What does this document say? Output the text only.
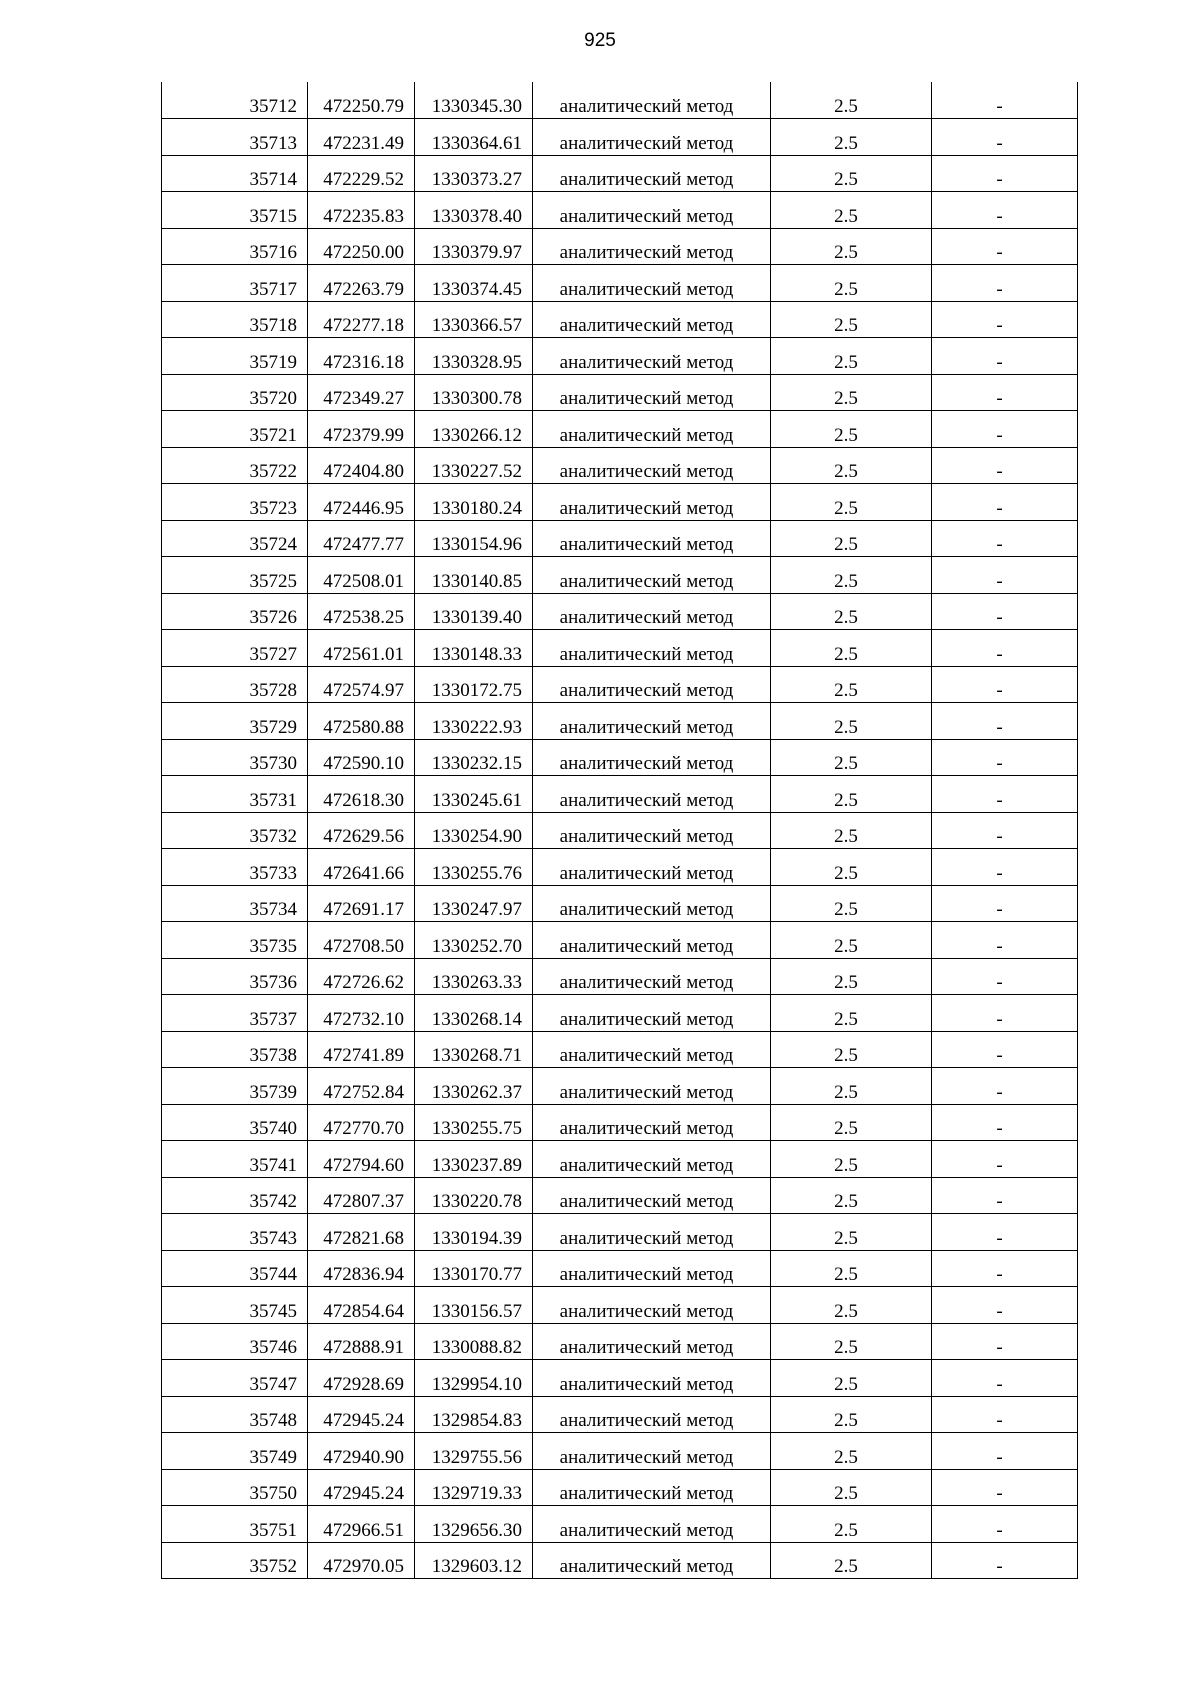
925
35712	472250.79	1330345.30	аналитический метод	2.5	-
35713	472231.49	1330364.61	аналитический метод	2.5	-
35714	472229.52	1330373.27	аналитический метод	2.5	-
35715	472235.83	1330378.40	аналитический метод	2.5	-
35716	472250.00	1330379.97	аналитический метод	2.5	-
35717	472263.79	1330374.45	аналитический метод	2.5	-
35718	472277.18	1330366.57	аналитический метод	2.5	-
35719	472316.18	1330328.95	аналитический метод	2.5	-
35720	472349.27	1330300.78	аналитический метод	2.5	-
35721	472379.99	1330266.12	аналитический метод	2.5	-
35722	472404.80	1330227.52	аналитический метод	2.5	-
35723	472446.95	1330180.24	аналитический метод	2.5	-
35724	472477.77	1330154.96	аналитический метод	2.5	-
35725	472508.01	1330140.85	аналитический метод	2.5	-
35726	472538.25	1330139.40	аналитический метод	2.5	-
35727	472561.01	1330148.33	аналитический метод	2.5	-
35728	472574.97	1330172.75	аналитический метод	2.5	-
35729	472580.88	1330222.93	аналитический метод	2.5	-
35730	472590.10	1330232.15	аналитический метод	2.5	-
35731	472618.30	1330245.61	аналитический метод	2.5	-
35732	472629.56	1330254.90	аналитический метод	2.5	-
35733	472641.66	1330255.76	аналитический метод	2.5	-
35734	472691.17	1330247.97	аналитический метод	2.5	-
35735	472708.50	1330252.70	аналитический метод	2.5	-
35736	472726.62	1330263.33	аналитический метод	2.5	-
35737	472732.10	1330268.14	аналитический метод	2.5	-
35738	472741.89	1330268.71	аналитический метод	2.5	-
35739	472752.84	1330262.37	аналитический метод	2.5	-
35740	472770.70	1330255.75	аналитический метод	2.5	-
35741	472794.60	1330237.89	аналитический метод	2.5	-
35742	472807.37	1330220.78	аналитический метод	2.5	-
35743	472821.68	1330194.39	аналитический метод	2.5	-
35744	472836.94	1330170.77	аналитический метод	2.5	-
35745	472854.64	1330156.57	аналитический метод	2.5	-
35746	472888.91	1330088.82	аналитический метод	2.5	-
35747	472928.69	1329954.10	аналитический метод	2.5	-
35748	472945.24	1329854.83	аналитический метод	2.5	-
35749	472940.90	1329755.56	аналитический метод	2.5	-
35750	472945.24	1329719.33	аналитический метод	2.5	-
35751	472966.51	1329656.30	аналитический метод	2.5	-
35752	472970.05	1329603.12	аналитический метод	2.5	-
